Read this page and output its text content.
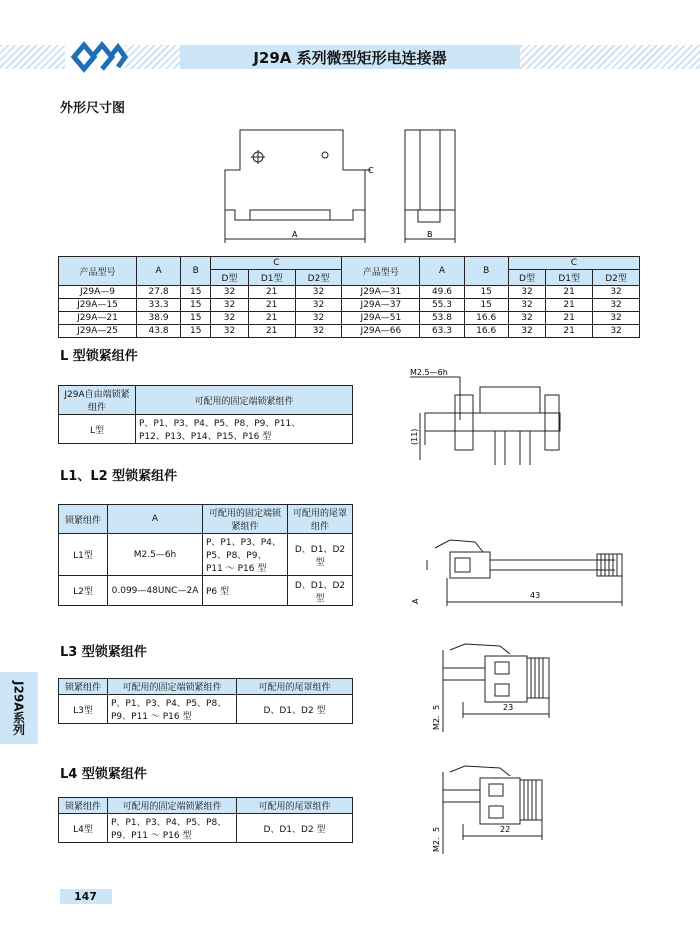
J29A 系列微型矩形电连接器
外形尺寸图
A
C
B
产品型号	A	B	C			产品型号	A	B	C		
			D型	D1型	D2型				D型	D1型	D2型
J29A—9	27.8	15	32	21	32	J29A—31	49.6	15	32	21	32
J29A—15	33.3	15	32	21	32	J29A—37	55.3	15	32	21	32
J29A—21	38.9	15	32	21	32	J29A—51	53.8	16.6	32	21	32
J29A—25	43.8	15	32	21	32	J29A—66	63.3	16.6	32	21	32
L 型锁紧组件
J29A自由端锁紧组件	可配用的固定端锁紧组件
L型	P、P1、P3、P4、P5、P8、P9、P11、
P12、P13、P14、P15、P16 型
M2.5—6h
(11)
L1、L2 型锁紧组件
锁紧组件	A	可配用的固定端锁紧组件	可配用的尾罩组件
L1型	M2.5—6h	P、P1、P3、P4、
P5、P8、P9、
P11 ～ P16 型	D、D1、D2 型
L2型	0.099—48UNC—2A	P6 型	D、D1、D2 型	A
43
L3 型锁紧组件
锁紧组件	可配用的固定端锁紧组件	可配用的尾罩组件
L3型	P、P1、P3、P4、P5、P8、
P9、P11 ～ P16 型	D、D1、D2 型	M2．5	23
L4 型锁紧组件
锁紧组件	可配用的固定端锁紧组件	可配用的尾罩组件
L4型	P、P1、P3、P4、P5、P8、
P9、P11 ～ P16 型	D、D1、D2 型	M2．5	22
J29A系列
147
